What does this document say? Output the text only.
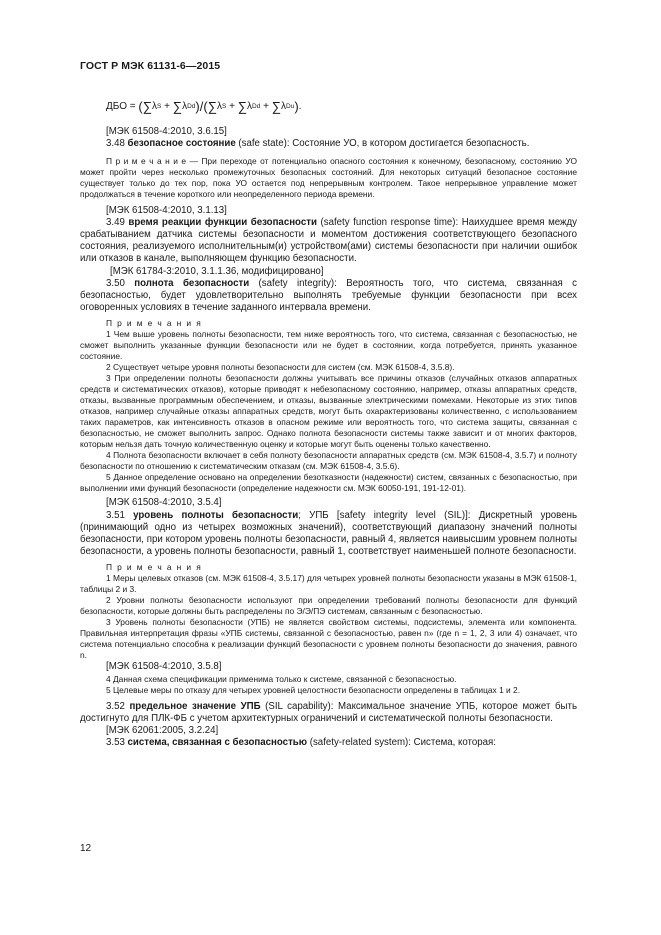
ГОСТ Р МЭК 61131-6—2015
ДБО =
( ∑ λ S
+
∑ λ Dd ) / ( ∑ λ S
+
∑ λ Dd
+
∑ λ Du ) .
[МЭК 61508-4:2010, 3.6.15]

3.48 безопасное состояние (safe state): Состояние УО, в котором достигается безопасность.

П р и м е ч а н и е — При переходе от потенциально опасного состояния к конечному, безопасному, состоянию УО может пройти через несколько промежуточных безопасных состояний. Для некоторых ситуаций безопасное состояние существует только до тех пор, пока УО остается под непрерывным контролем. Такое непрерывное управление может продолжаться в течение короткого или неопределенного периода времени.

[МЭК 61508-4:2010, 3.1.13]

3.49 время реакции функции безопасности (safety function response time): Наихудшее время между срабатыванием датчика системы безопасности и моментом достижения соответствующего безопасного состояния, реализуемого исполнительным(и) устройством(ами) системы безопасности при наличии ошибок или отказов в канале, выполняющем функцию безопасности.

[МЭК 61784-3:2010, 3.1.1.36, модифицировано]

3.50 полнота безопасности (safety integrity): Вероятность того, что система, связанная с безопасностью, будет удовлетворительно выполнять требуемые функции безопасности при всех оговоренных условиях в течение заданного интервала времени.

П р и м е ч а н и я

1 Чем выше уровень полноты безопасности, тем ниже вероятность того, что система, связанная с безопасностью, не сможет выполнить указанные функции безопасности или не будет в состоянии, когда потребуется, принять указанное состояние.

2 Существует четыре уровня полноты безопасности для систем (см. МЭК 61508-4, 3.5.8).

3 При определении полноты безопасности должны учитывать все причины отказов (случайных отказов аппаратных средств и систематических отказов), которые приводят к небезопасному состоянию, например, отказы аппаратных средств, отказы, вызванные программным обеспечением, и отказы, вызванные электрическими помехами. Некоторые из этих типов отказов, например случайные отказы аппаратных средств, могут быть охарактеризованы количественно, с использованием таких параметров, как интенсивность отказов в опасном режиме или вероятность того, что система защиты, связанная с безопасностью, не сможет выполнить запрос. Однако полнота безопасности системы также зависит и от многих факторов, которым нельзя дать точную количественную оценку и которые могут быть оценены только качественно.

4 Полнота безопасности включает в себя полноту безопасности аппаратных средств (см. МЭК 61508-4, 3.5.7) и полноту безопасности по отношению к систематическим отказам (см. МЭК 61508-4, 3.5.6).

5 Данное определение основано на определении безотказности (надежности) систем, связанных с безопасностью, при выполнении ими функций безопасности (определение надежности см. МЭК 60050-191, 191-12-01).

[МЭК 61508-4:2010, 3.5.4]

3.51 уровень полноты безопасности; УПБ [safety integrity level (SIL)]: Дискретный уровень (принимающий одно из четырех возможных значений), соответствующий диапазону значений полноты безопасности, при котором уровень полноты безопасности, равный 4, является наивысшим уровнем полноты безопасности, а уровень полноты безопасности, равный 1, соответствует наименьшей полноте безопасности.

П р и м е ч а н и я

1 Меры целевых отказов (см. МЭК 61508-4, 3.5.17) для четырех уровней полноты безопасности указаны в МЭК 61508-1, таблицы 2 и 3.

2 Уровни полноты безопасности используют при определении требований полноты безопасности для функций безопасности, которые должны быть распределены по Э/Э/ПЭ системам, связанным с безопасностью.

3 Уровень полноты безопасности (УПБ) не является свойством системы, подсистемы, элемента или компонента. Правильная интерпретация фразы «УПБ системы, связанной с безопасностью, равен n» (где n = 1, 2, 3 или 4) означает, что система потенциально способна к реализации функций безопасности с уровнем полноты безопасности до значения, равного n.

[МЭК 61508-4:2010, 3.5.8]

4 Данная схема спецификации применима только к системе, связанной с безопасностью.

5 Целевые меры по отказу для четырех уровней целостности безопасности определены в таблицах 1 и 2.

3.52 предельное значение УПБ (SIL capability): Максимальное значение УПБ, которое может быть достигнуто для ПЛК-ФБ с учетом архитектурных ограничений и систематической полноты безопасности.

[МЭК 62061:2005, 3.2.24]

3.53 система, связанная с безопасностью (safety-related system): Система, которая:

12
